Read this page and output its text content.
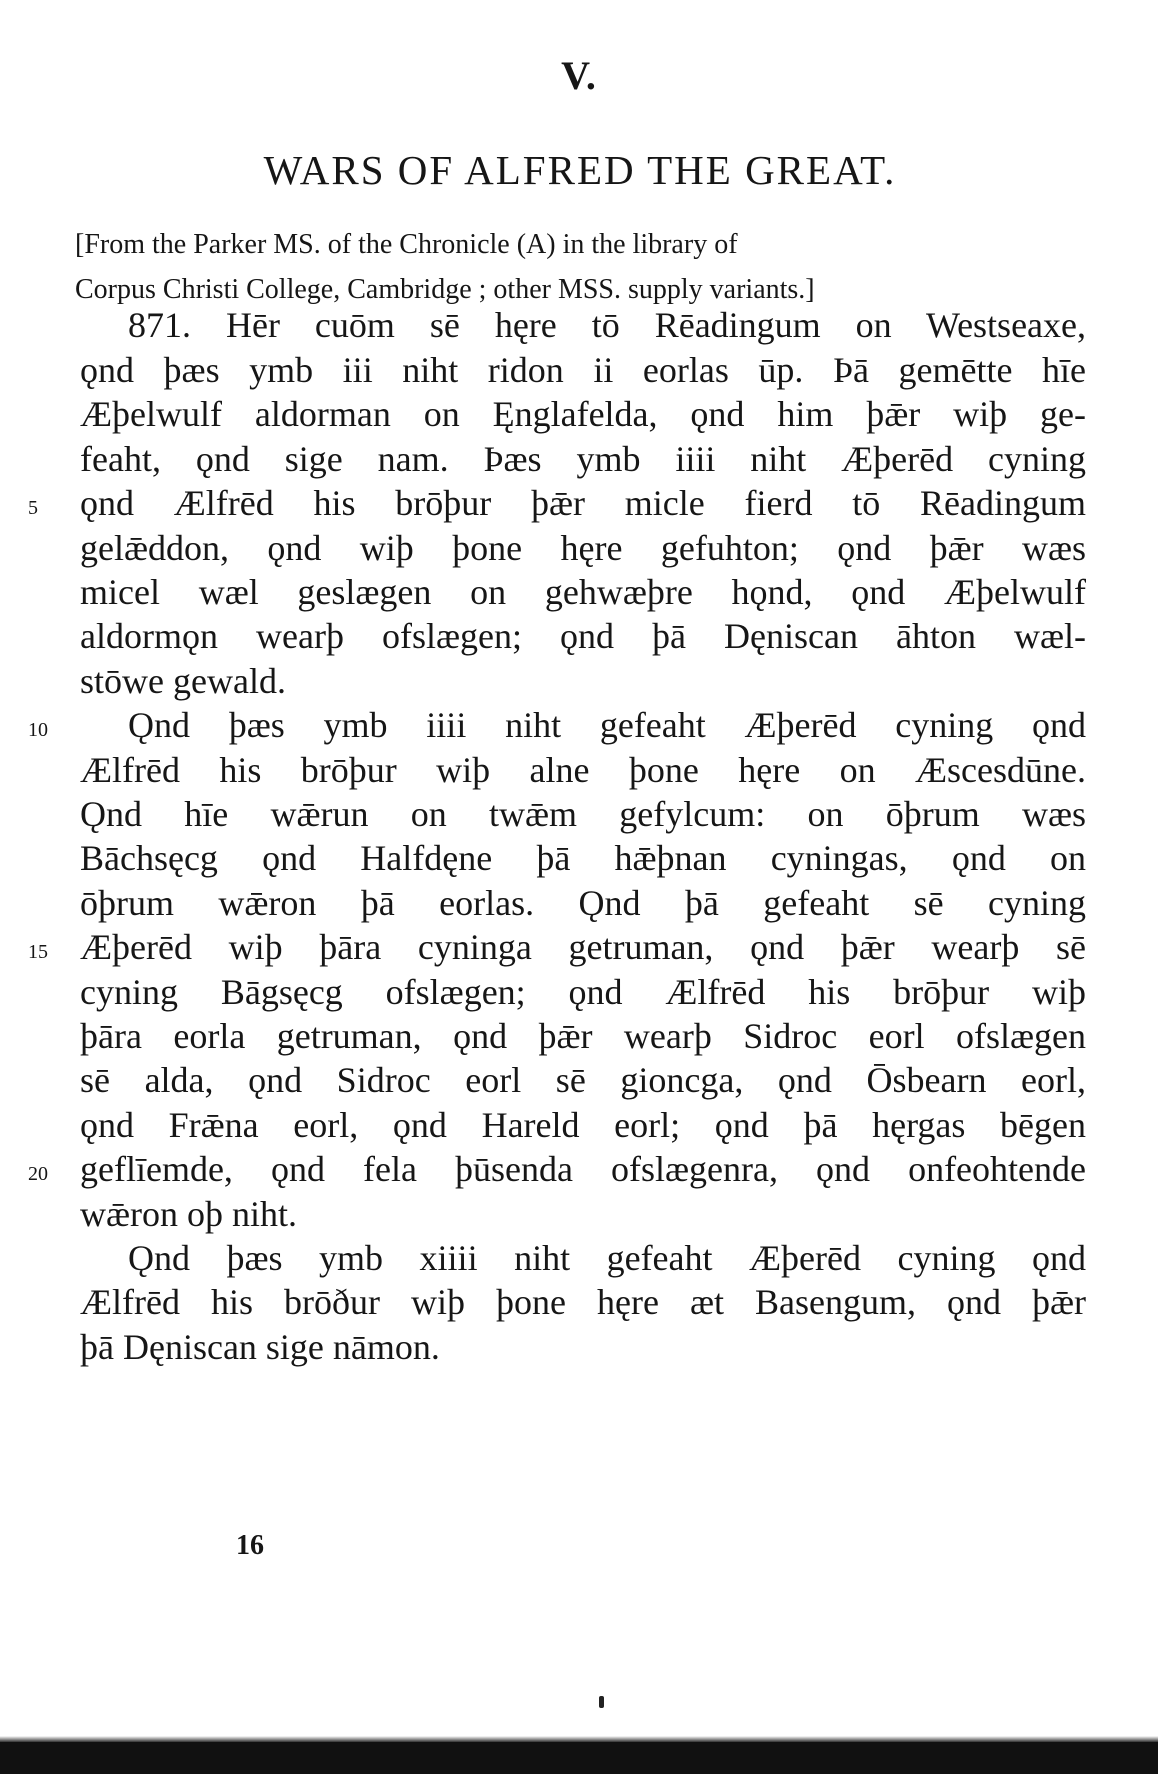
V.
WARS OF ALFRED THE GREAT.
[From the Parker MS. of the Chronicle (A) in the library of
Corpus Christi College, Cambridge ; other MSS. supply variants.]
871. Hēr cuōm sē hęre tō Rēadingum on Westseaxe,
ǫnd þæs ymb iii niht ridon ii eorlas ūp. Þā gemētte hīe
Æþelwulf aldorman on Ęnglafelda, ǫnd him þǣr wiþ ge-
feaht, ǫnd sige nam. Þæs ymb iiii niht Æþerēd cyning
ǫnd Ælfrēd his brōþur þǣr micle fierd tō Rēadingum
gelǣddon, ǫnd wiþ þone hęre gefuhton; ǫnd þǣr wæs
micel wæl geslægen on gehwæþre hǫnd, ǫnd Æþelwulf
aldormǫn wearþ ofslægen; ǫnd þā Dęniscan āhton wæl-
stōwe gewald.
Ǫnd þæs ymb iiii niht gefeaht Æþerēd cyning ǫnd
Ælfrēd his brōþur wiþ alne þone hęre on Æscesdūne.
Ǫnd hīe wǣrun on twǣm gefylcum: on ōþrum wæs
Bāchsęcg ǫnd Halfdęne þā hǣþnan cyningas, ǫnd on
ōþrum wǣron þā eorlas. Ǫnd þā gefeaht sē cyning
Æþerēd wiþ þāra cyninga getruman, ǫnd þǣr wearþ sē
cyning Bāgsęcg ofslægen; ǫnd Ælfrēd his brōþur wiþ
þāra eorla getruman, ǫnd þǣr wearþ Sidroc eorl ofslægen
sē alda, ǫnd Sidroc eorl sē gioncga, ǫnd Ōsbearn eorl,
ǫnd Frǣna eorl, ǫnd Hareld eorl; ǫnd þā hęrgas bēgen
geflīemde, ǫnd fela þūsenda ofslægenra, ǫnd onfeohtende
wǣron oþ niht.
Ǫnd þæs ymb xiiii niht gefeaht Æþerēd cyning ǫnd
Ælfrēd his brōður wiþ þone hęre æt Basengum, ǫnd þǣr
þā Dęniscan sige nāmon.
5
10
15
20
16
